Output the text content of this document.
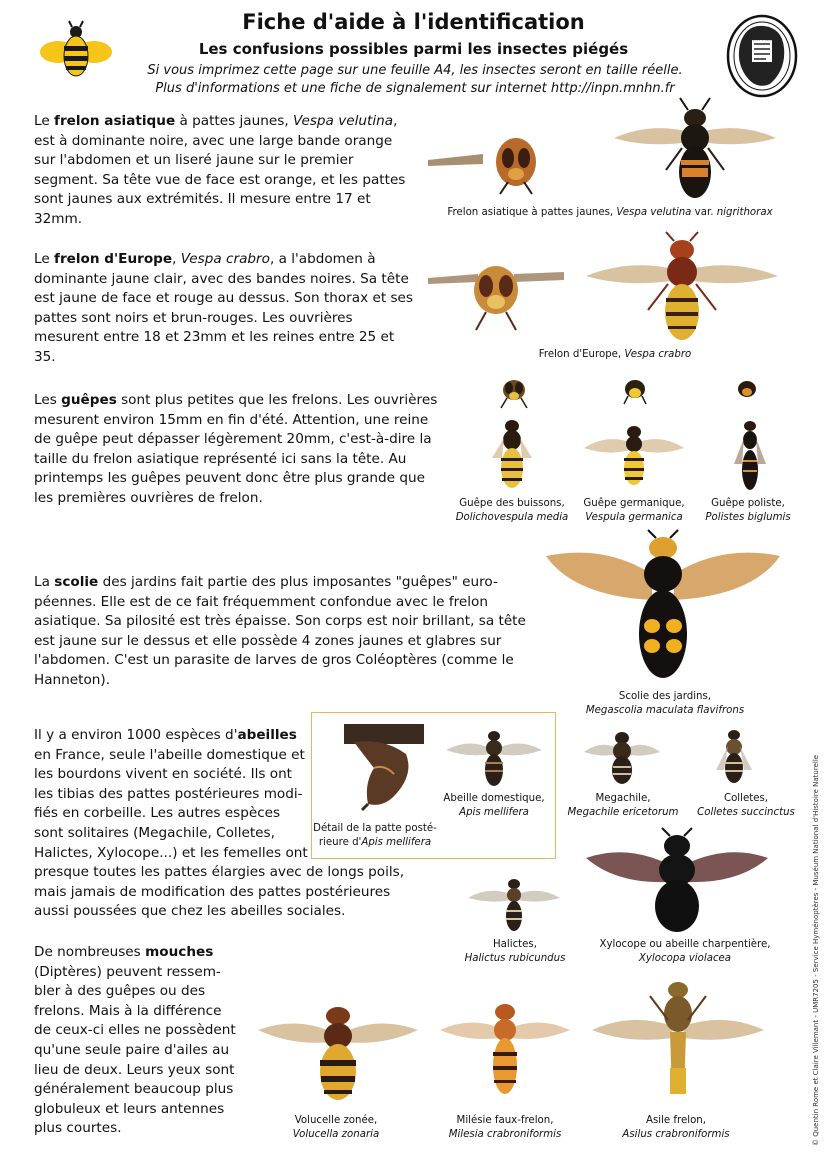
Fiche d'aide à l'identification
Les confusions possibles parmi les insectes piégés
Si vous imprimez cette page sur une feuille A4, les insectes seront en taille réelle.
Plus d'informations et une fiche de signalement sur internet http://inpn.mnhn.fr
Le frelon asiatique à pattes jaunes, Vespa velutina,
est à dominante noire, avec une large bande orange
sur l'abdomen et un liseré jaune sur le premier
segment. Sa tête vue de face est orange, et les pattes
sont jaunes aux extrémités. Il mesure entre 17 et
32mm.	Frelon asiatique à pattes jaunes, Vespa velutina var. nigrithorax
Le frelon d'Europe, Vespa crabro, a l'abdomen à
dominante jaune clair, avec des bandes noires. Sa tête
est jaune de face et rouge au dessus. Son thorax et ses
pattes sont noirs et brun-rouges. Les ouvrières
mesurent entre 18 et 23mm et les reines entre 25 et
35.	Frelon d'Europe, Vespa crabro
Les guêpes sont plus petites que les frelons. Les ouvrières
mesurent environ 15mm en fin d'été. Attention, une reine
de guêpe peut dépasser légèrement 20mm, c'est-à-dire la
taille du frelon asiatique représenté ici sans la tête. Au
printemps les guêpes peuvent donc être plus grande que
les premières ouvrières de frelon.	Guêpe des buissons,
Dolichovespula media
Guêpe germanique,
Vespula germanica
Guêpe poliste,
Polistes biglumis
La scolie des jardins fait partie des plus imposantes "guêpes" euro-
péennes. Elle est de ce fait fréquemment confondue avec le frelon
asiatique. Sa pilosité est très épaisse. Son corps est noir brillant, sa tête
est jaune sur le dessus et elle possède 4 zones jaunes et glabres sur
l'abdomen. C'est un parasite de larves de gros Coléoptères (comme le
Hanneton).
Scolie des jardins,
Megascolia maculata flavifrons
Il y a environ 1000 espèces d'abeilles
en France, seule l'abeille domestique et
les bourdons vivent en société. Ils ont
les tibias des pattes postérieures modi-
fiés en corbeille. Les autres espèces
sont solitaires (Megachile, Colletes,
Halictes, Xylocope...) et les femelles ont
presque toutes les pattes élargies avec de longs poils,
mais jamais de modification des pattes postérieures
aussi poussées que chez les abeilles sociales.
Détail de la patte posté-
rieure d'Apis mellifera
Abeille domestique,
Apis mellifera
Megachile,
Megachile ericetorum
Colletes,
Colletes succinctus
Halictes,
Halictus rubicundus
Xylocope ou abeille charpentière,
Xylocopa violacea
De nombreuses mouches
(Diptères) peuvent ressem-
bler à des guêpes ou des
frelons. Mais à la différence
de ceux-ci elles ne possèdent
qu'une seule paire d'ailes au
lieu de deux. Leurs yeux sont
généralement beaucoup plus
globuleux et leurs antennes
plus courtes.	Volucelle zonée,
Volucella zonaria
Milésie faux-frelon,
Milesia crabroniformis
Asile frelon,
Asilus crabroniformis	© Quentin Rome et Claire Villemant - UMR7205 - Service Hyménoptères - Muséum National d'Histoire Naturelle
